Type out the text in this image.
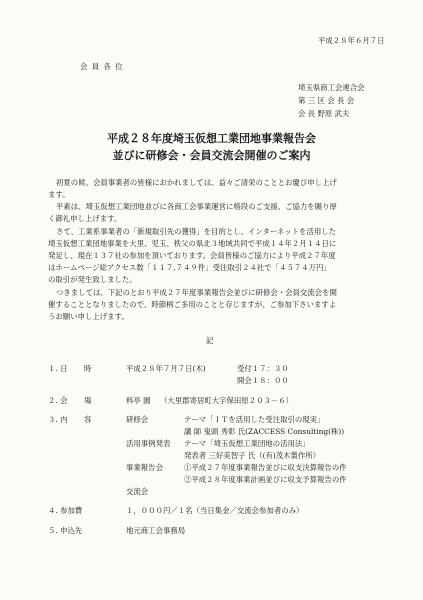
平成２８年６月７日
会 員 各 位
埼玉県商工会連合会
第 三 区 会 長 会
会 長 野原 武夫
平成２８年度埼玉仮想工業団地事業報告会
並びに研修会・会員交流会開催のご案内
初夏の候、会員事業者の皆様におかれましては、益々ご清栄のこととお慶び申し上げ
ます。
平素は、埼玉仮想工業団地並びに各商工会事業運営に格段のご支援、ご協力を賜り厚
く御礼申し上げます。
さて、工業系事業者の「新規取引先の獲得」を目的とし、インターネットを活用した
埼玉仮想工業団地事業を大里、児玉、秩父の県北３地域共同で平成１４年２月１４日に
発足し、現在１３７社の参加を頂いております。会員皆様のご協力により平成２７年度
はホームページ総アクセス数「１１７,７４９件」受注取引２４社で「４５７４万円」
の取引が発生致しました。
つきましては、下記のとおり平成２７年度事業報告会並びに研修会・会員交流会を開
催することとなりましたので、時節柄ご多用のことと存じますが、ご参加下さいますよ
うお願い申し上げます。
記
１. 日 時	平成２８年７月７日(木)	受付１７：３０
開会１８：００
２. 会 場	料亭 園 （大里郡寄居町大字保田原２０３－６）
３. 内 容	研修会	テーマ「ＩＴを活用した受注取引の現実」
講 師 鬼頭 秀彰 氏(ZACCESS Consulting(株))
活用事例発表 テーマ「埼玉仮想工業団地の活用法」
発表者 三好美智子 氏（(有)茂木製作所）
事業報告会	①平成２７年度事業報告並びに収支決算報告の件
②平成２８年度事業計画並びに収支予算報告の件
交流会
４. 参加費	１，０００円／１名（当日集金／交流会参加者のみ）
５. 申込先	地元商工会事務局
